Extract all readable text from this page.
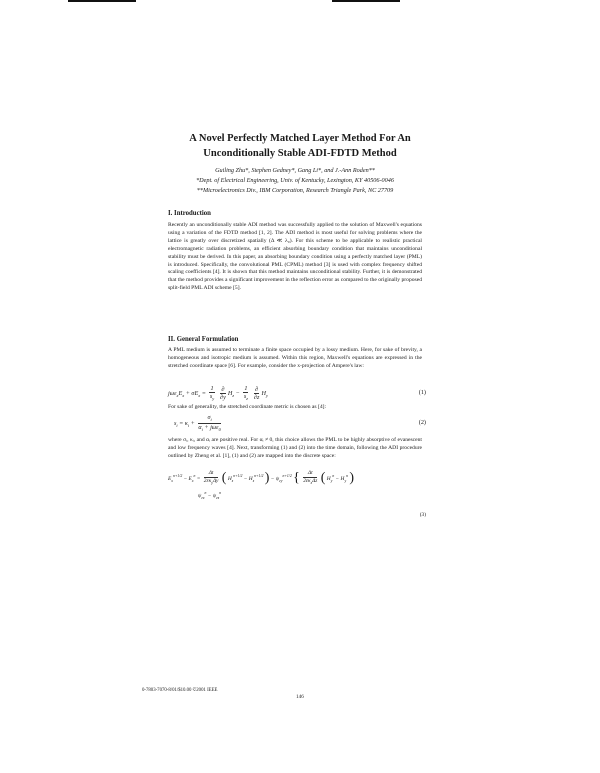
A Novel Perfectly Matched Layer Method For An Unconditionally Stable ADI-FDTD Method
Guiling Zhu*, Stephen Gedney*, Gang Li*, and J.-Ann Roden**
*Dept. of Electrical Engineering, Univ. of Kentucky, Lexington, KY 40506-0046
**Microelectronics Div., IBM Corporation, Research Triangle Park, NC 27709
I. Introduction

Recently an unconditionally stable ADI method was successfully applied to the solution of Maxwell's equations using a variation of the FDTD method [1, 2]. The ADI method is most useful for solving problems where the lattice is greatly over discretized spatially (Δ ≪ λ₀). For this scheme to be applicable to realistic practical electromagnetic radiation problems, an efficient absorbing boundary condition that maintains unconditional stability must be derived. In this paper, an absorbing boundary condition using a perfectly matched layer (PML) is introduced. Specifically, the convolutional PML (CPML) method [3] is used with complex frequency shifted scaling coefficients [4]. It is shown that this method maintains unconditional stability. Further, it is demonstrated that the method provides a significant improvement in the reflection error as compared to the originally proposed split-field PML ADI scheme [5].

II. General Formulation

A PML medium is assumed to terminate a finite space occupied by a lossy medium. Here, for sake of brevity, a homogeneous and isotropic medium is assumed. Within this region, Maxwell's equations are expressed in the stretched coordinate space [6]. For example, consider the x-projection of Ampere's law:

$j\omega\varepsilon_xE_x + \sigma E_x = \frac{1}{s_y}$
$\frac{\partial}{\partial y} H_z - \frac{1}{s_z}$
$\frac{\partial}{\partial z} H_y$	(1)

For sake of generality, the stretched coordinate metric is chosen as [4]:

$s_i = \kappa_i + \frac{\sigma_i}{\alpha_i + j\omega\varepsilon_0}$	(2)

where σᵢ, κᵢ, and αᵢ are positive real. For αᵢ ≠ 0, this choice allows the PML to be highly absorptive of evanescent and low frequency waves [4]. Next, transforming (1) and (2) into the time domain, following the ADI procedure outlined by Zheng et al. [1], (1) and (2) are mapped into the discrete space:

$E_x^{n+1/2} - E_x^n = \frac{\Delta t}{2\varepsilon\kappa_y\Delta y}$ ( $H_z^{n+1/2} - H_z^{n+1/2}$ ) − $\psi_{ey}^{n+1/2}$ { $\frac{\Delta t}{2\varepsilon\kappa_z\Delta z}$ ( $H_y^n - H_y^n$ )
$\psi_{ez}^n - \psi_{ez}^n$
(3)
0-7803-7070-8/01/$10.00 ©2001 IEEE
146
